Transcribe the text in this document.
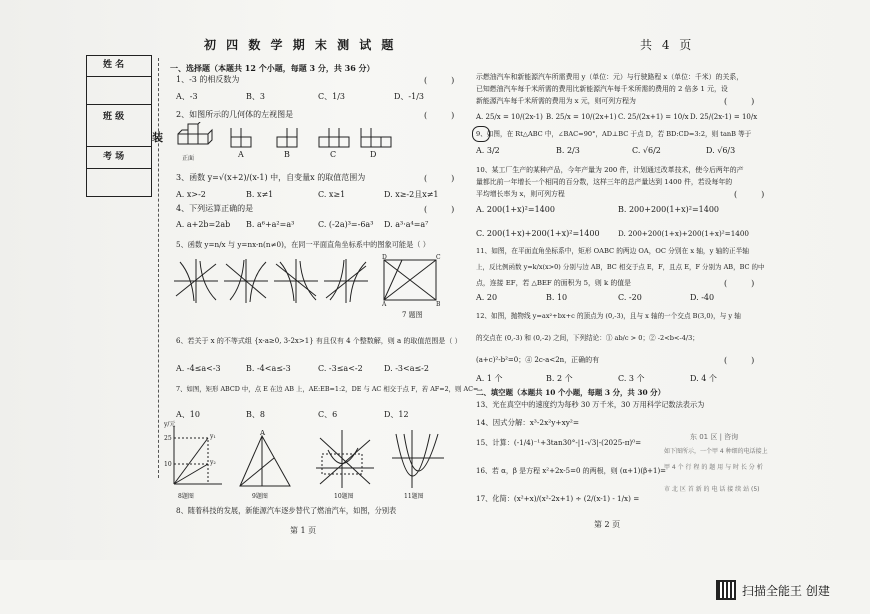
初 四 数 学 期 末 测 试 题	共 4 页
姓 名
班 级
考 场
装
一、选择题（本题共 12 个小题，每题 3 分，共 36 分）
1、-3 的相反数为	(　　　)
A、-3	B、3	C、1/3	D、-1/3
2、如图所示的几何体的左视图是	(　　　)
正面	A	B	C	D
3、函数 y=√(x+2)/(x-1) 中，自变量x 的取值范围为	(　　　)
A. x>-2	B. x≠1	C. x≥1	D. x≥-2且x≠1
4、下列运算正确的是	(　　　)
A. a+2b=2ab B. a⁶+a²=a³	C. (-2a)³=-6a³ D. a³·a⁴=a⁷
5、函数 y=n/x 与 y=nx-n(n≠0)，在同一平面直角坐标系中的图象可能是（ ）
D	C
A	B
7 题图
6、若关于 x 的不等式组 {x-a≥0, 3-2x>1} 有且仅有 4 个整数解，则 a 的取值范围是（ ）
A. -4≤a<-3	B. -4<a≤-3	C. -3≤a<-2	D. -3<a≤-2
7、如图，矩形 ABCD 中，点 E 在边 AB 上，AE:EB=1:2，DE 与 AC 相交于点 F，若 AF=2，则 AC=
A、10	B、8	C、6	D、12
y/元
25
10
y₁
y₂
A
8题图	9题图	10题图	11题图
8、随着科技的发展，新能源汽车逐步替代了燃油汽车，如图，分别表
第 1 页
示燃油汽车和新能源汽车所需费用 y（单位：元）与行驶路程 x（单位：千米）的关系，
已知燃油汽车每千米所需的费用比新能源汽车每千米所需的费用的 2 倍多 1 元，设
新能源汽车每千米所需的费用为 x 元，则可列方程为	(　　　)
A. 25/x = 10/(2x-1) B. 25/x = 10/(2x+1) C. 25/(2x+1) = 10/x D. 25/(2x-1) = 10/x
9、如图，在 Rt△ABC 中，∠BAC=90°，AD⊥BC 于点 D，若 BD:CD=3:2，则 tanB 等于
A. 3/2	B. 2/3	C. √6/2	D. √6/3
10、某工厂生产的某种产品，今年产量为 200 件，计划通过改革技术，使今后两年的产
量都比前一年增长一个相同的百分数，这样三年的总产量达到 1400 件，若设每年的
平均增长率为 x，则可列方程	(　　　)
A. 200(1+x)²=1400	B. 200+200(1+x)²=1400
C. 200(1+x)+200(1+x)²=1400	D. 200+200(1+x)+200(1+x)²=1400
11、如图，在平面直角坐标系中，矩形 OABC 的两边 OA，OC 分别在 x 轴，y 轴的正半轴
上，反比例函数 y=k/x(x>0) 分别与边 AB，BC 相交于点 E，F，且点 E，F 分别为 AB，BC 的中
点，连接 EF，若 △BEF 的面积为 5，则 k 的值是	(　　　)
A. 20	B. 10	C. -20	D. -40
12、如图，抛物线 y=ax²+bx+c 的顶点为 (0,-3)，且与 x 轴的一个交点 B(3,0)，与 y 轴
的交点在 (0,-3) 和 (0,-2) 之间，下列结论：① ab/c > 0；② -2<b<-4/3；
(a+c)²-b²=0；④ 2c-a<2n，正确的有	(　　　)
A. 1 个	B. 2 个	C. 3 个	D. 4 个
二、填空题（本题共 10 个小题，每题 3 分，共 30 分）
13、光在真空中的速度约为每秒 30 万千米，30 万用科学记数法表示为
14、因式分解：x³-2x²y+xy²=
15、计算：(-1/4)⁻¹+3tan30°-|1-√3|-(2025-π)⁰=
16、若 α，β 是方程 x²+2x-5=0 的两根，则 (α+1)(β+1)=
17、化简：(x²+x)/(x²-2x+1) ÷ (2/(x-1) - 1/x) =
第 2 页
东 01 区 | 咨询
如下图所示，一个甲 4 种细的电话接上
甲 4 个 行 程 的 题 用 与 时 长 分 析
市 北 区 首 新 的 电 话 接 续 站 (5)
扫描全能王 创建
